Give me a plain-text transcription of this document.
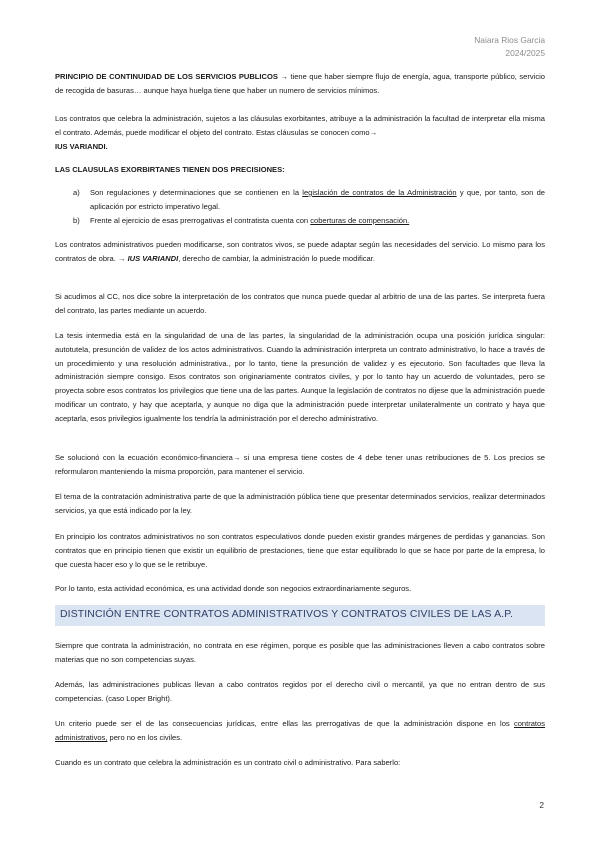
Naiara Rios Garcia
2024/2025
PRINCIPIO DE CONTINUIDAD DE LOS SERVICIOS PUBLICOS → tiene que haber siempre flujo de energía, agua, transporte público, servicio de recogida de basuras… aunque haya huelga tiene que haber un numero de servicios mínimos.
Los contratos que celebra la administración, sujetos a las cláusulas exorbitantes, atribuye a la administración la facultad de interpretar ella misma el contrato. Además, puede modificar el objeto del contrato. Estas cláusulas se conocen como→
IUS VARIANDI.
LAS CLAUSULAS EXORBIRTANES TIENEN DOS PRECISIONES:
a) Son regulaciones y determinaciones que se contienen en la legislación de contratos de la Administración y que, por tanto, son de aplicación por estricto imperativo legal.
b) Frente al ejercicio de esas prerrogativas el contratista cuenta con coberturas de compensación.
Los contratos administrativos pueden modificarse, son contratos vivos, se puede adaptar según las necesidades del servicio. Lo mismo para los contratos de obra. → IUS VARIANDI, derecho de cambiar, la administración lo puede modificar.
Si acudimos al CC, nos dice sobre la interpretación de los contratos que nunca puede quedar al arbitrio de una de las partes. Se interpreta fuera del contrato, las partes mediante un acuerdo.
La tesis intermedia está en la singularidad de una de las partes, la singularidad de la administración ocupa una posición jurídica singular: autotutela, presunción de validez de los actos administrativos. Cuando la administración interpreta un contrato administrativo, lo hace a través de un procedimiento y una resolución administrativa., por lo tanto, tiene la presunción de validez y es ejecutorio. Son facultades que lleva la administración siempre consigo. Esos contratos son originariamente contratos civiles, y por lo tanto hay un acuerdo de voluntades, pero se proyecta sobre esos contratos los privilegios que tiene una de las partes. Aunque la legislación de contratos no dijese que la administración puede modificar un contrato, y hay que aceptarla, y aunque no diga que la administración puede interpretar unilateralmente un contrato y haya que aceptarla, esos privilegios igualmente los tendría la administración por el derecho administrativo.
Se solucionó con la ecuación económico-financiera→ si una empresa tiene costes de 4 debe tener unas retribuciones de 5. Los precios se reformularon manteniendo la misma proporción, para mantener el servicio.
El tema de la contratación administrativa parte de que la administración pública tiene que presentar determinados servicios, realizar determinados servicios, ya que está indicado por la ley.
En principio los contratos administrativos no son contratos especulativos donde pueden existir grandes márgenes de perdidas y ganancias. Son contratos que en principio tienen que existir un equilibrio de prestaciones, tiene que estar equilibrado lo que se hace por parte de la empresa, lo que cuesta hacer eso y lo que se le retribuye.
Por lo tanto, esta actividad económica, es una actividad donde son negocios extraordinariamente seguros.
DISTINCIÓN ENTRE CONTRATOS ADMINISTRATIVOS Y CONTRATOS CIVILES DE LAS A.P.
Siempre que contrata la administración, no contrata en ese régimen, porque es posible que las administraciones lleven a cabo contratos sobre materias que no son competencias suyas.
Además, las administraciones publicas llevan a cabo contratos regidos por el derecho civil o mercantil, ya que no entran dentro de sus competencias. (caso Loper Bright).
Un criterio puede ser el de las consecuencias jurídicas, entre ellas las prerrogativas de que la administración dispone en los contratos administrativos, pero no en los civiles.
Cuando es un contrato que celebra la administración es un contrato civil o administrativo. Para saberlo:
2
